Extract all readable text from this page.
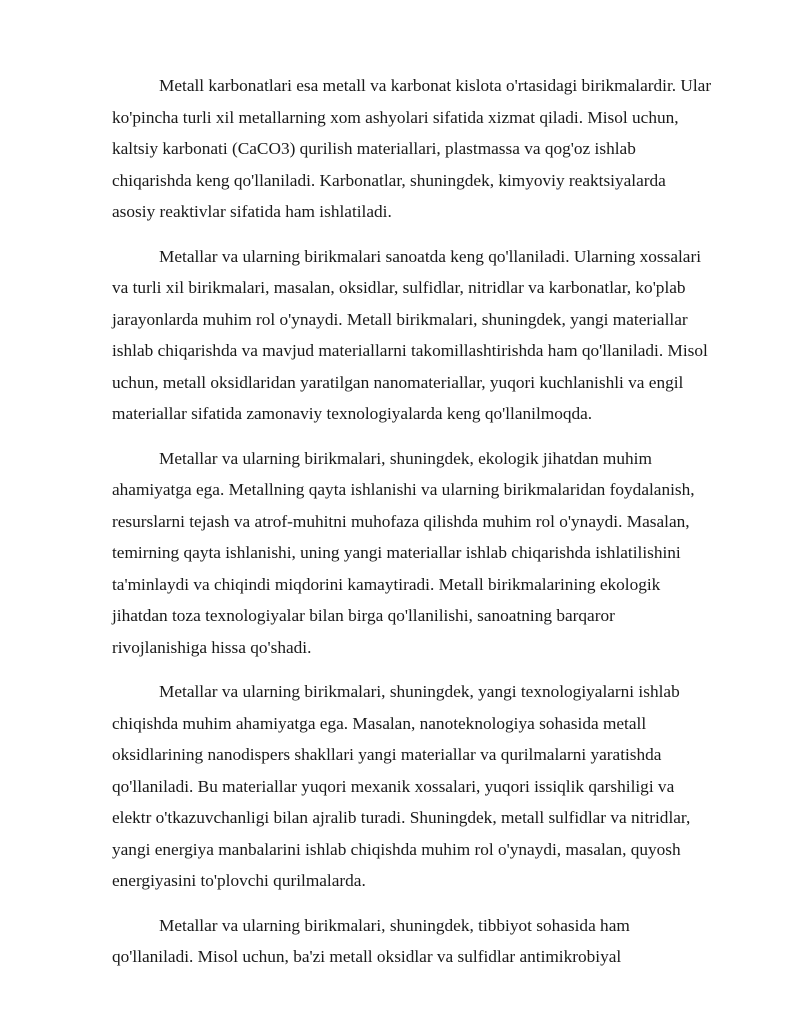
Metall karbonatlari esa metall va karbonat kislota o'rtasidagi birikmalardir. Ular
ko'pincha turli xil metallarning xom ashyolari sifatida xizmat qiladi. Misol uchun,
kaltsiy karbonati (CaCO3) qurilish materiallari, plastmassa va qog'oz ishlab
chiqarishda keng qo'llaniladi. Karbonatlar, shuningdek, kimyoviy reaktsiyalarda
asosiy reaktivlar sifatida ham ishlatiladi.

Metallar va ularning birikmalari sanoatda keng qo'llaniladi. Ularning xossalari
va turli xil birikmalari, masalan, oksidlar, sulfidlar, nitridlar va karbonatlar, ko'plab
jarayonlarda muhim rol o'ynaydi. Metall birikmalari, shuningdek, yangi materiallar
ishlab chiqarishda va mavjud materiallarni takomillashtirishda ham qo'llaniladi. Misol
uchun, metall oksidlaridan yaratilgan nanomateriallar, yuqori kuchlanishli va engil
materiallar sifatida zamonaviy texnologiyalarda keng qo'llanilmoqda.

Metallar va ularning birikmalari, shuningdek, ekologik jihatdan muhim
ahamiyatga ega. Metallning qayta ishlanishi va ularning birikmalaridan foydalanish,
resurslarni tejash va atrof-muhitni muhofaza qilishda muhim rol o'ynaydi. Masalan,
temirning qayta ishlanishi, uning yangi materiallar ishlab chiqarishda ishlatilishini
ta'minlaydi va chiqindi miqdorini kamaytiradi. Metall birikmalarining ekologik
jihatdan toza texnologiyalar bilan birga qo'llanilishi, sanoatning barqaror
rivojlanishiga hissa qo'shadi.

Metallar va ularning birikmalari, shuningdek, yangi texnologiyalarni ishlab
chiqishda muhim ahamiyatga ega. Masalan, nanoteknologiya sohasida metall
oksidlarining nanodispers shakllari yangi materiallar va qurilmalarni yaratishda
qo'llaniladi. Bu materiallar yuqori mexanik xossalari, yuqori issiqlik qarshiligi va
elektr o'tkazuvchanligi bilan ajralib turadi. Shuningdek, metall sulfidlar va nitridlar,
yangi energiya manbalarini ishlab chiqishda muhim rol o'ynaydi, masalan, quyosh
energiyasini to'plovchi qurilmalarda.

Metallar va ularning birikmalari, shuningdek, tibbiyot sohasida ham
qo'llaniladi. Misol uchun, ba'zi metall oksidlar va sulfidlar antimikrobiyal
